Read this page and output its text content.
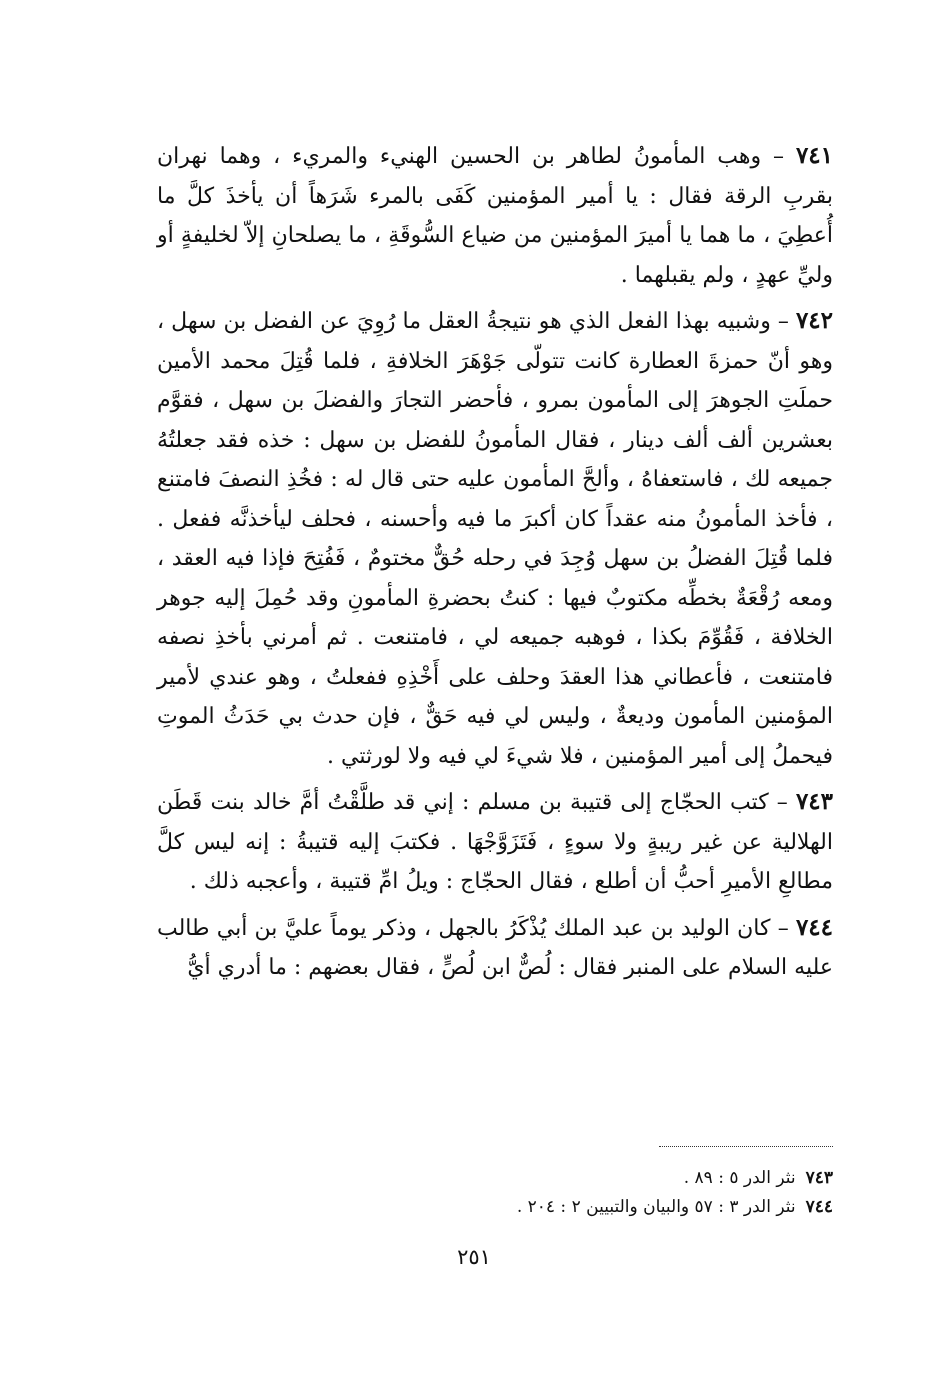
٧٤١ – وهب المأمونُ لطاهر بن الحسين الهنيء والمريء ، وهما نهران بقربِ الرقة فقال : يا أمير المؤمنين كَفَى بالمرء شَرَهاً أن يأخذَ كلَّ ما أُعطِيَ ، ما هما يا أميرَ المؤمنين من ضياع السُّوقَةِ ، ما يصلحانِ إلاّ لخليفةٍ أو وليِّ عهدٍ ، ولم يقبلهما .

٧٤٢ – وشبيه بهذا الفعل الذي هو نتيجةُ العقل ما رُوِيَ عن الفضل بن سهل ، وهو أنّ حمزةَ العطارة كانت تتولّى جَوْهَرَ الخلافةِ ، فلما قُتِلَ محمد الأمين حملَتِ الجوهرَ إلى المأمون بمرو ، فأحضر التجارَ والفضلَ بن سهل ، فقوَّم بعشرين ألف ألف دينار ، فقال المأمونُ للفضل بن سهل : خذه فقد جعلتُهُ جميعه لك ، فاستعفاهُ ، وألحَّ المأمون عليه حتى قال له : فخُذِ النصفَ فامتنع ، فأخذ المأمونُ منه عقداً كان أكبرَ ما فيه وأحسنه ، فحلف ليأخذنَّه ففعل . فلما قُتِلَ الفضلُ بن سهل وُجِدَ في رحله حُقٌّ مختومٌ ، فَفُتِحَ فإذا فيه العقد ، ومعه رُقْعَةٌ بخطِّه مكتوبٌ فيها : كنتُ بحضرةِ المأمونِ وقد حُمِلَ إليه جوهر الخلافة ، فَقُوِّمَ بكذا ، فوهبه جميعه لي ، فامتنعت . ثم أمرني بأخذِ نصفه فامتنعت ، فأعطاني هذا العقدَ وحلف على أَخْذِهِ ففعلتُ ، وهو عندي لأمير المؤمنين المأمون وديعةٌ ، وليس لي فيه حَقٌّ ، فإن حدث بي حَدَثُ الموتِ فيحملُ إلى أمير المؤمنين ، فلا شيءَ لي فيه ولا لورثتي .

٧٤٣ – كتب الحجّاج إلى قتيبة بن مسلم : إني قد طلَّقْتُ أمَّ خالد بنت قَطَن الهلالية عن غير ريبةٍ ولا سوءٍ ، فَتَزَوَّجْهَا . فكتبَ إليه قتيبةُ : إنه ليس كلَّ مطالعِ الأميرِ أحبُّ أن أطلع ، فقال الحجّاج : ويلُ امِّ قتيبة ، وأعجبه ذلك .

٧٤٤ – كان الوليد بن عبد الملك يُذْكَرُ بالجهل ، وذكر يوماً عليَّ بن أبي طالب عليه السلام على المنبر فقال : لُصٌّ ابن لُصٍّ ، فقال بعضهم : ما أدري أيُّ

٧٤٣نثر الدر ٥ : ٨٩ .

٧٤٤نثر الدر ٣ : ٥٧ والبيان والتبيين ٢ : ٢٠٤ .

٢٥١
